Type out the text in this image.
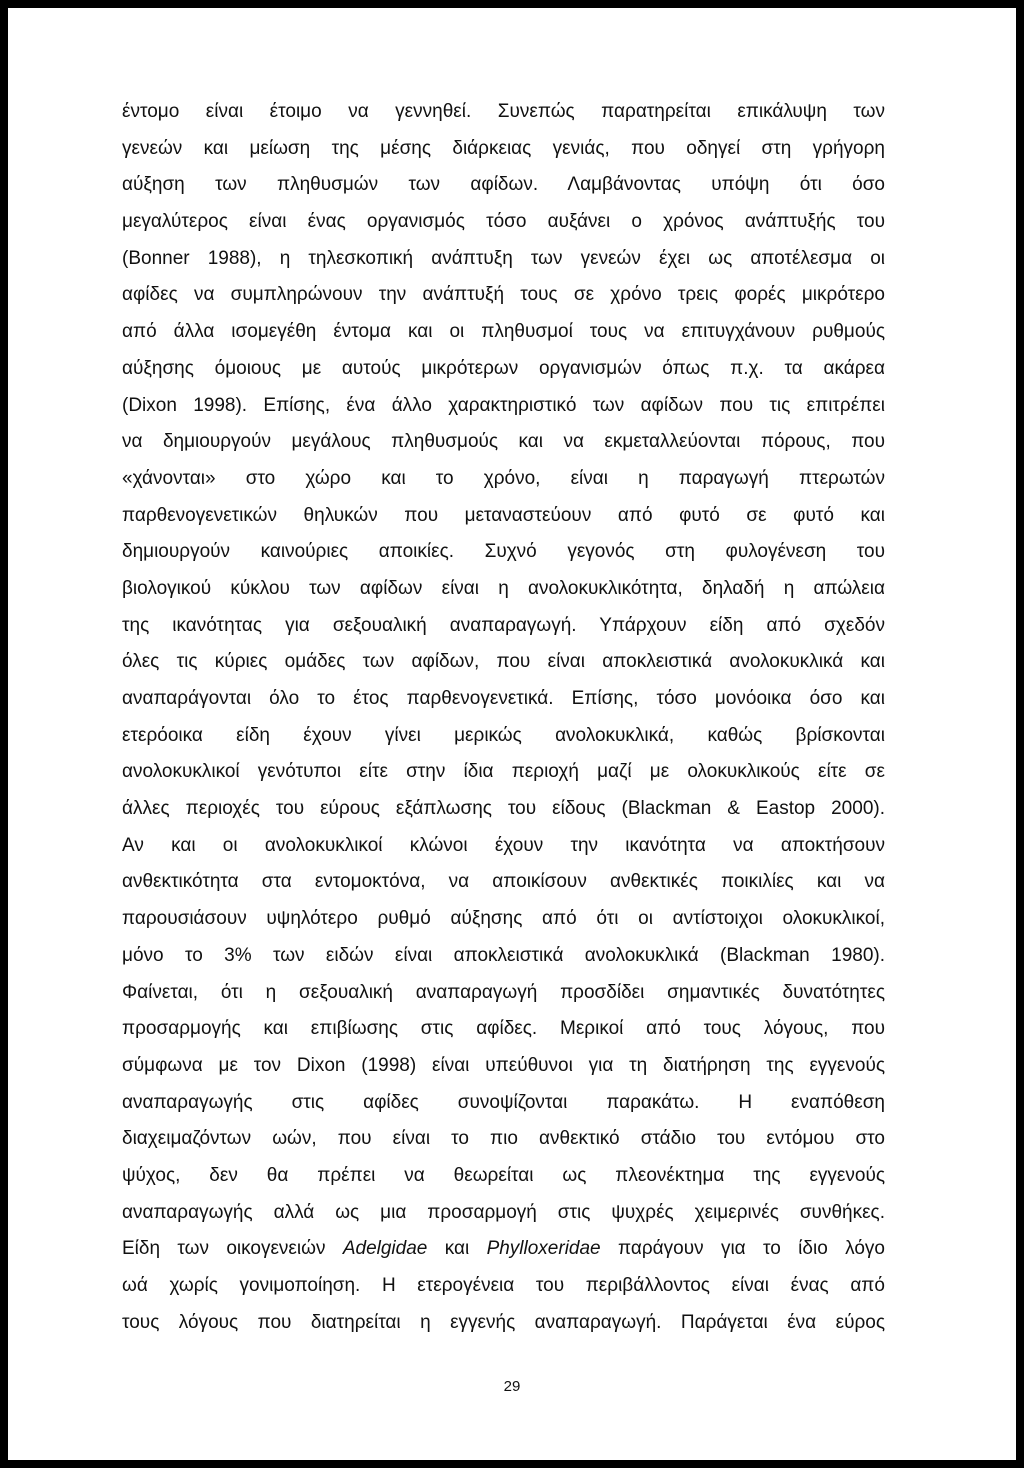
έντομο είναι έτοιμο να γεννηθεί. Συνεπώς παρατηρείται επικάλυψη των
γενεών και μείωση της μέσης διάρκειας γενιάς, που οδηγεί στη γρήγορη
αύξηση των πληθυσμών των αφίδων. Λαμβάνοντας υπόψη ότι όσο
μεγαλύτερος είναι ένας οργανισμός τόσο αυξάνει ο χρόνος ανάπτυξής του
(Bonner 1988), η τηλεσκοπική ανάπτυξη των γενεών έχει ως αποτέλεσμα οι
αφίδες να συμπληρώνουν την ανάπτυξή τους σε χρόνο τρεις φορές μικρότερο
από άλλα ισομεγέθη έντομα και οι πληθυσμοί τους να επιτυγχάνουν ρυθμούς
αύξησης όμοιους με αυτούς μικρότερων οργανισμών όπως π.χ. τα ακάρεα
(Dixon 1998). Επίσης, ένα άλλο χαρακτηριστικό των αφίδων που τις επιτρέπει
να δημιουργούν μεγάλους πληθυσμούς και να εκμεταλλεύονται πόρους, που
«χάνονται» στο χώρο και το χρόνο, είναι η παραγωγή πτερωτών
παρθενογενετικών θηλυκών που μεταναστεύουν από φυτό σε φυτό και
δημιουργούν καινούριες αποικίες. Συχνό γεγονός στη φυλογένεση του
βιολογικού κύκλου των αφίδων είναι η ανολοκυκλικότητα, δηλαδή η απώλεια
της ικανότητας για σεξουαλική αναπαραγωγή. Υπάρχουν είδη από σχεδόν
όλες τις κύριες ομάδες των αφίδων, που είναι αποκλειστικά ανολοκυκλικά και
αναπαράγονται όλο το έτος παρθενογενετικά. Επίσης, τόσο μονόοικα όσο και
ετερόοικα είδη έχουν γίνει μερικώς ανολοκυκλικά, καθώς βρίσκονται
ανολοκυκλικοί γενότυποι είτε στην ίδια περιοχή μαζί με ολοκυκλικούς είτε σε
άλλες περιοχές του εύρους εξάπλωσης του είδους (Blackman & Eastop 2000).
Αν και οι ανολοκυκλικοί κλώνοι έχουν την ικανότητα να αποκτήσουν
ανθεκτικότητα στα εντομοκτόνα, να αποικίσουν ανθεκτικές ποικιλίες και να
παρουσιάσουν υψηλότερο ρυθμό αύξησης από ότι οι αντίστοιχοι ολοκυκλικοί,
μόνο το 3% των ειδών είναι αποκλειστικά ανολοκυκλικά (Blackman 1980).
Φαίνεται, ότι η σεξουαλική αναπαραγωγή προσδίδει σημαντικές δυνατότητες
προσαρμογής και επιβίωσης στις αφίδες. Μερικοί από τους λόγους, που
σύμφωνα με τον Dixon (1998) είναι υπεύθυνοι για τη διατήρηση της εγγενούς
αναπαραγωγής στις αφίδες συνοψίζονται παρακάτω. Η εναπόθεση
διαχειμαζόντων ωών, που είναι το πιο ανθεκτικό στάδιο του εντόμου στο
ψύχος, δεν θα πρέπει να θεωρείται ως πλεονέκτημα της εγγενούς
αναπαραγωγής αλλά ως μια προσαρμογή στις ψυχρές χειμερινές συνθήκες.
Είδη των οικογενειών Adelgidae και Phylloxeridae παράγουν για το ίδιο λόγο
ωά χωρίς γονιμοποίηση. Η ετερογένεια του περιβάλλοντος είναι ένας από
τους λόγους που διατηρείται η εγγενής αναπαραγωγή. Παράγεται ένα εύρος
29
